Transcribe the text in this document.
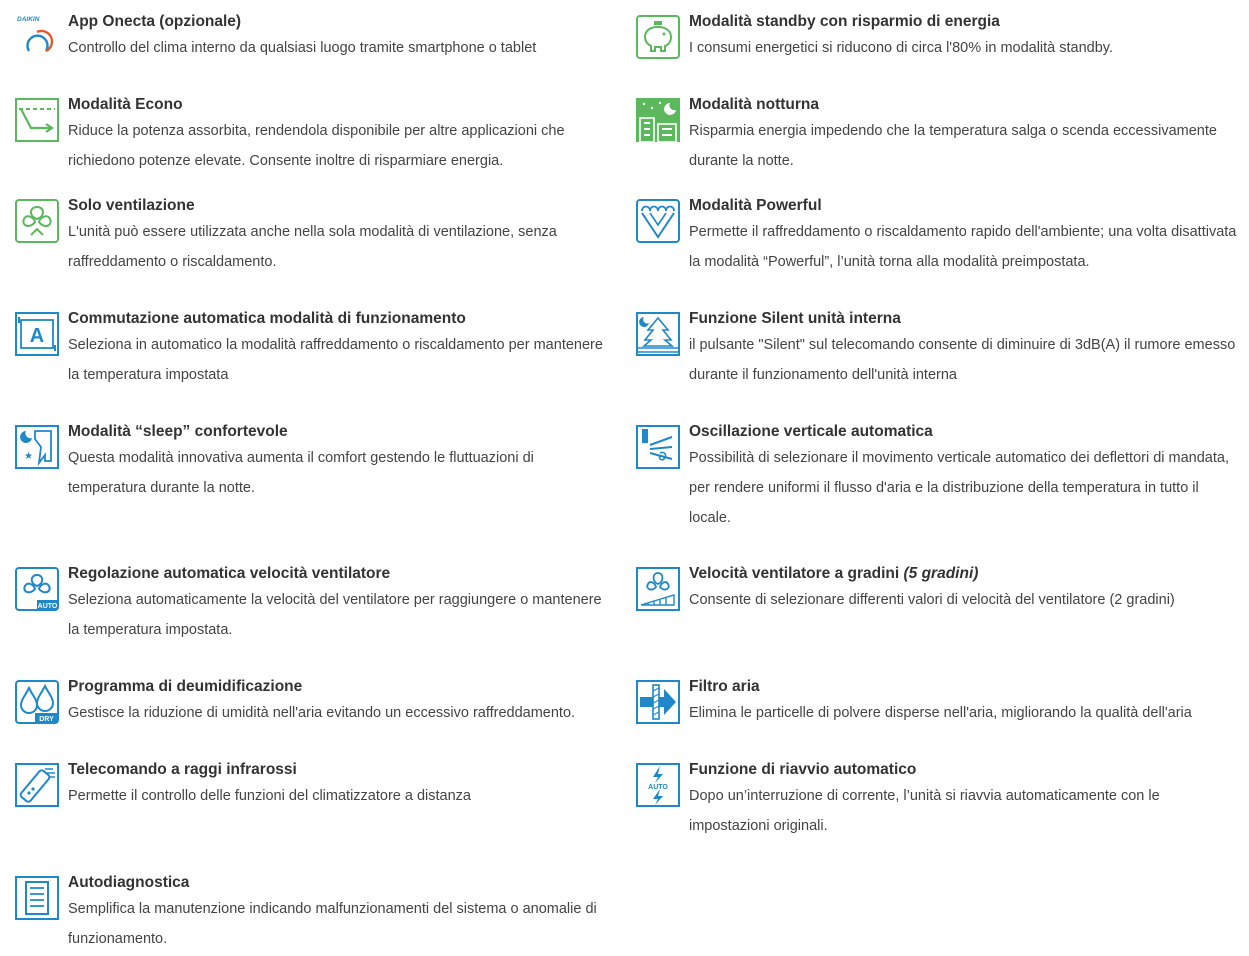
DAIKIN App Onecta (opzionale)
Controllo del clima interno da qualsiasi luogo tramite smartphone o tablet
Modalità Econo
Riduce la potenza assorbita, rendendola disponibile per altre applicazioni che richiedono potenze elevate. Consente inoltre di risparmiare energia.
Solo ventilazione
L'unità può essere utilizzata anche nella sola modalità di ventilazione, senza raffreddamento o riscaldamento.
A
Commutazione automatica modalità di funzionamento
Seleziona in automatico la modalità raffreddamento o riscaldamento per mantenere la temperatura impostata
★
Modalità “sleep” confortevole
Questa modalità innovativa aumenta il comfort gestendo le fluttuazioni di temperatura durante la notte.
AUTO
Regolazione automatica velocità ventilatore
Seleziona automaticamente la velocità del ventilatore per raggiungere o mantenere la temperatura impostata.
DRY
Programma di deumidificazione
Gestisce la riduzione di umidità nell'aria evitando un eccessivo raffreddamento.
Telecomando a raggi infrarossi
Permette il controllo delle funzioni del climatizzatore a distanza
Autodiagnostica
Semplifica la manutenzione indicando malfunzionamenti del sistema o anomalie di funzionamento.
Modalità standby con risparmio di energia
I consumi energetici si riducono di circa l'80% in modalità standby.
Modalità notturna
Risparmia energia impedendo che la temperatura salga o scenda eccessivamente durante la notte.
Modalità Powerful
Permette il raffreddamento o riscaldamento rapido dell'ambiente; una volta disattivata la modalità “Powerful”, l’unità torna alla modalità preimpostata.
Funzione Silent unità interna
il pulsante "Silent" sul telecomando consente di diminuire di 3dB(A) il rumore emesso durante il funzionamento dell'unità interna
Oscillazione verticale automatica
Possibilità di selezionare il movimento verticale automatico dei deflettori di mandata, per rendere uniformi il flusso d'aria e la distribuzione della temperatura in tutto il locale.
Velocità ventilatore a gradini (5 gradini)
Consente di selezionare differenti valori di velocità del ventilatore (2 gradini)
Filtro aria
Elimina le particelle di polvere disperse nell'aria, migliorando la qualità dell'aria
AUTO
Funzione di riavvio automatico
Dopo un’interruzione di corrente, l’unità si riavvia automaticamente con le impostazioni originali.
